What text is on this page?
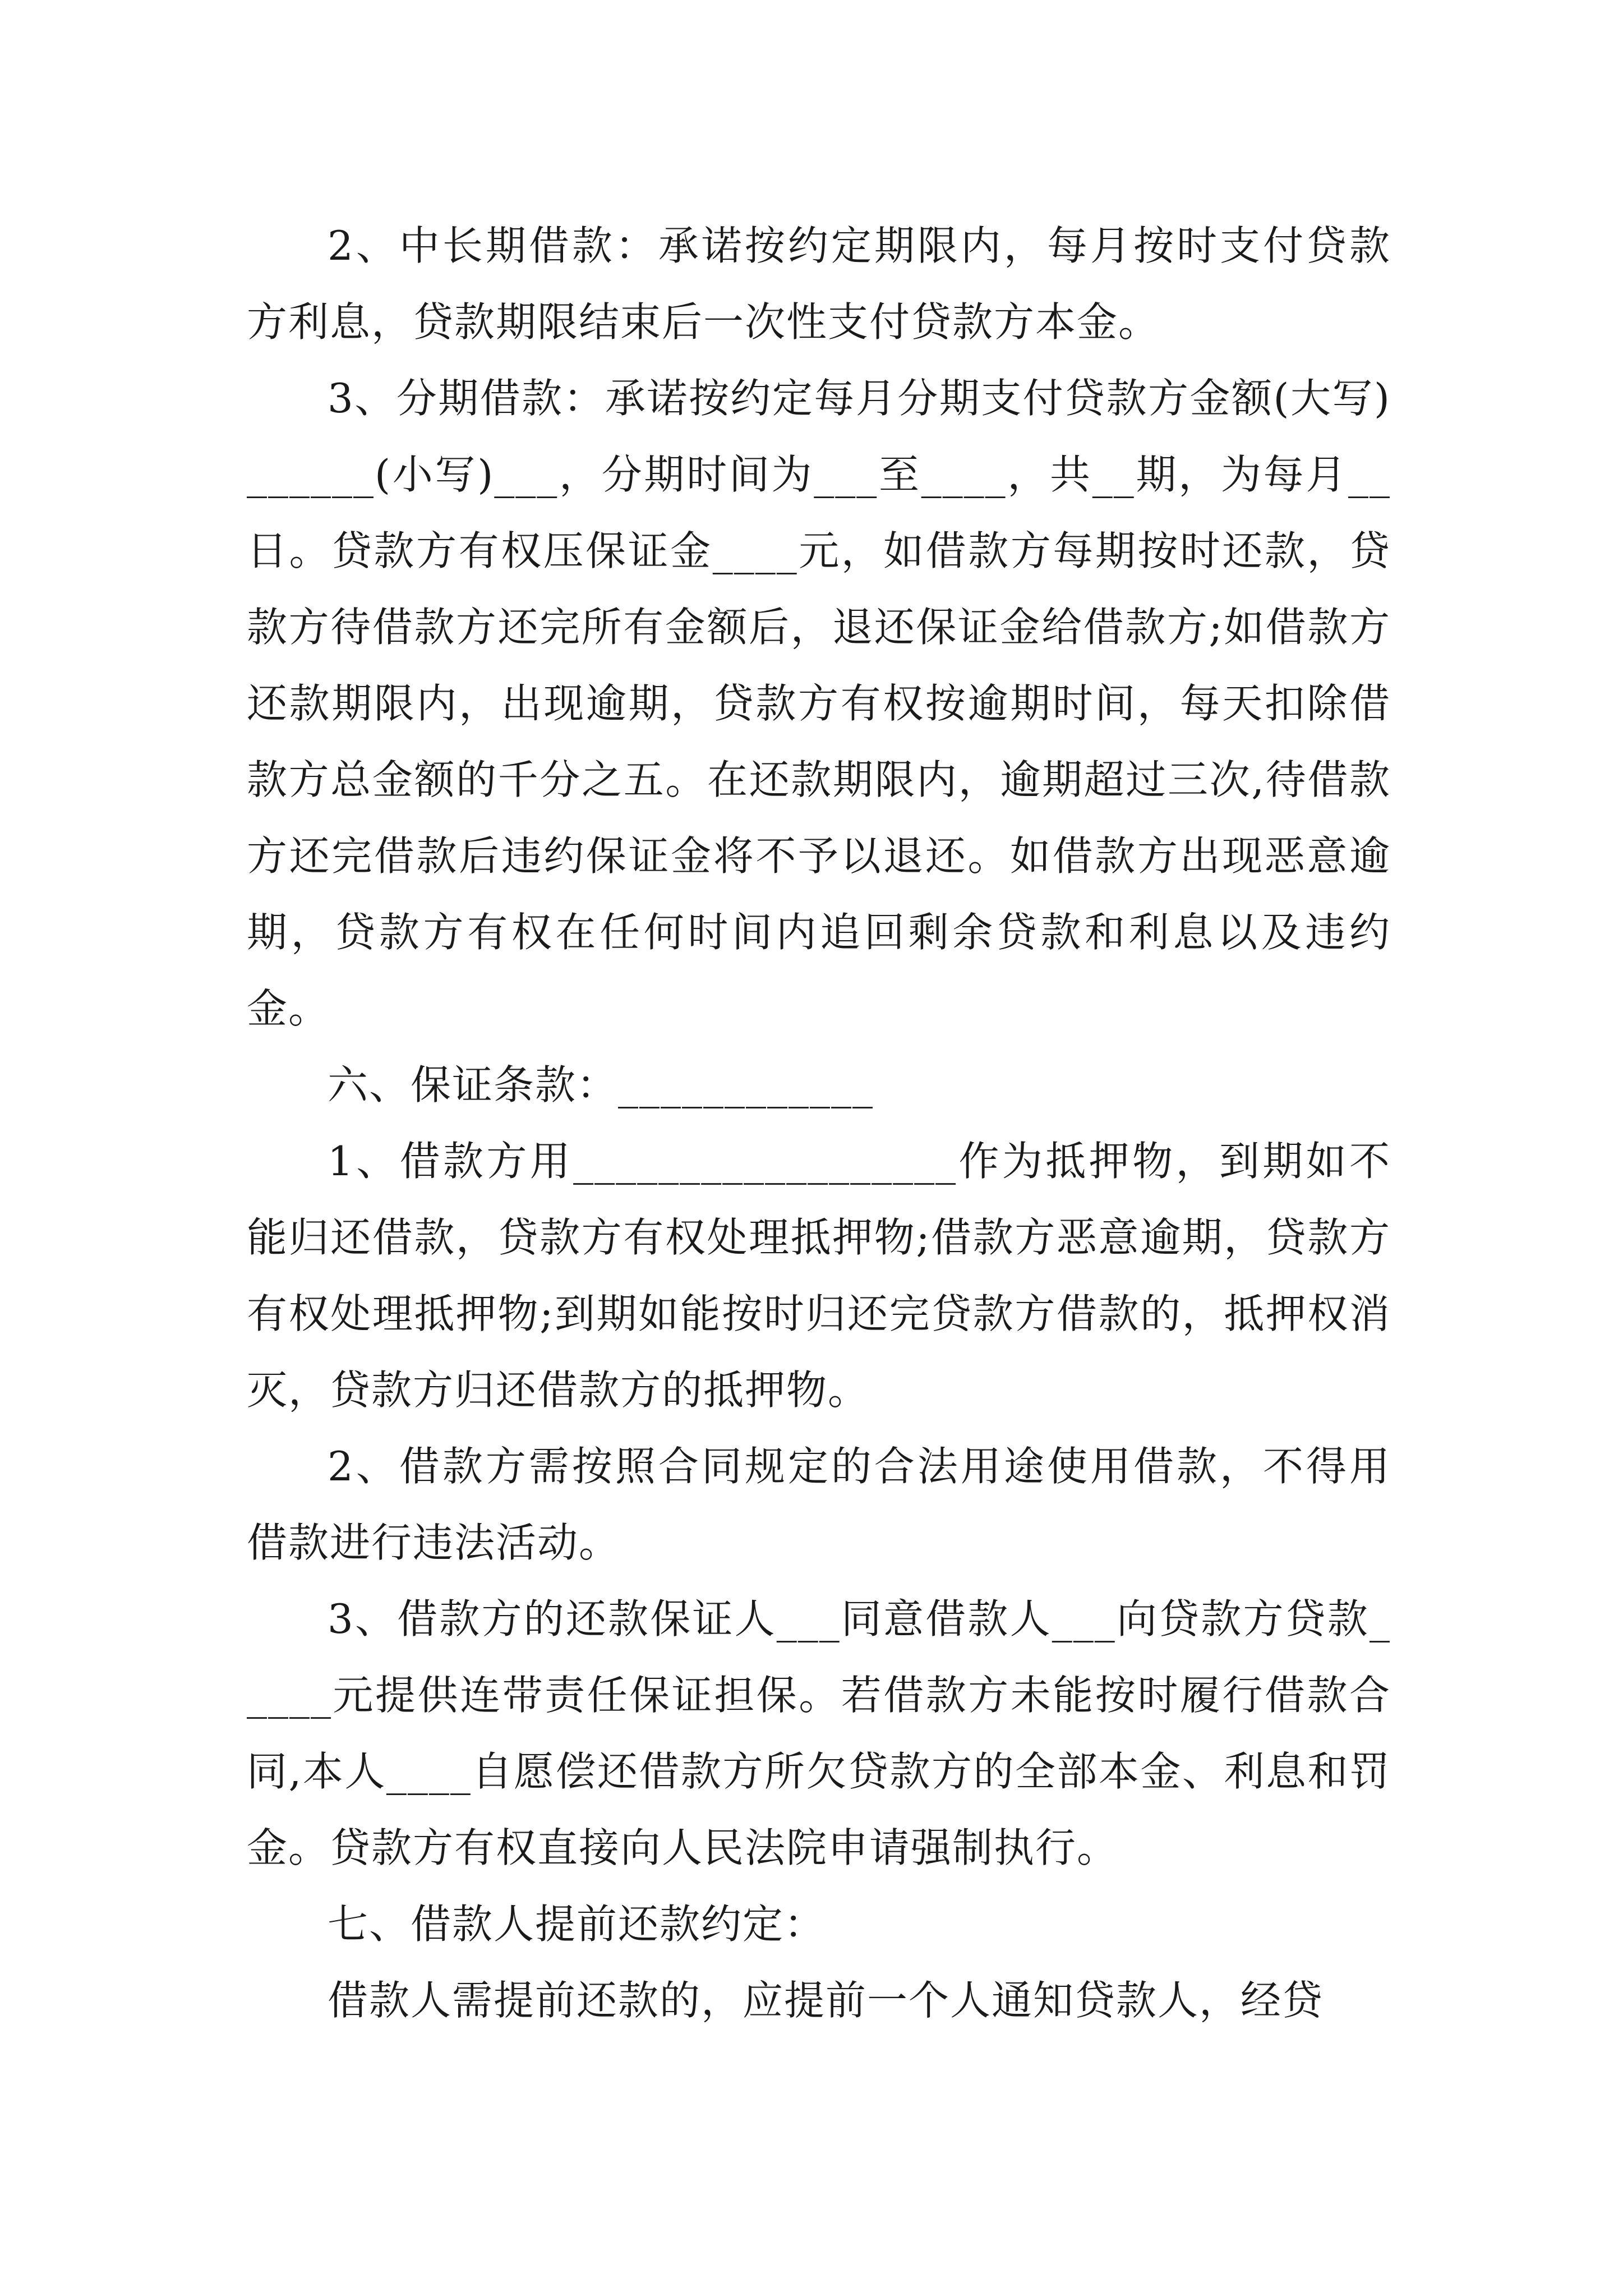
2、中长期借款：承诺按约定期限内，每月按时支付贷款方利息，贷款期限结束后一次性支付贷款方本金。

3、分期借款：承诺按约定每月分期支付贷款方金额(大写)______(小写)___，分期时间为___至____，共__期，为每月__日。贷款方有权压保证金____元，如借款方每期按时还款，贷款方待借款方还完所有金额后，退还保证金给借款方;如借款方还款期限内，出现逾期，贷款方有权按逾期时间，每天扣除借款方总金额的千分之五。在还款期限内，逾期超过三次,待借款方还完借款后违约保证金将不予以退还。如借款方出现恶意逾期，贷款方有权在任何时间内追回剩余贷款和利息以及违约金。

六、保证条款：____________

1、借款方用__________________作为抵押物，到期如不能归还借款，贷款方有权处理抵押物;借款方恶意逾期，贷款方有权处理抵押物;到期如能按时归还完贷款方借款的，抵押权消灭，贷款方归还借款方的抵押物。

2、借款方需按照合同规定的合法用途使用借款，不得用借款进行违法活动。

3、借款方的还款保证人___同意借款人___向贷款方贷款_____元提供连带责任保证担保。若借款方未能按时履行借款合同,本人____自愿偿还借款方所欠贷款方的全部本金、利息和罚金。贷款方有权直接向人民法院申请强制执行。

七、借款人提前还款约定：

借款人需提前还款的，应提前一个人通知贷款人，经贷
